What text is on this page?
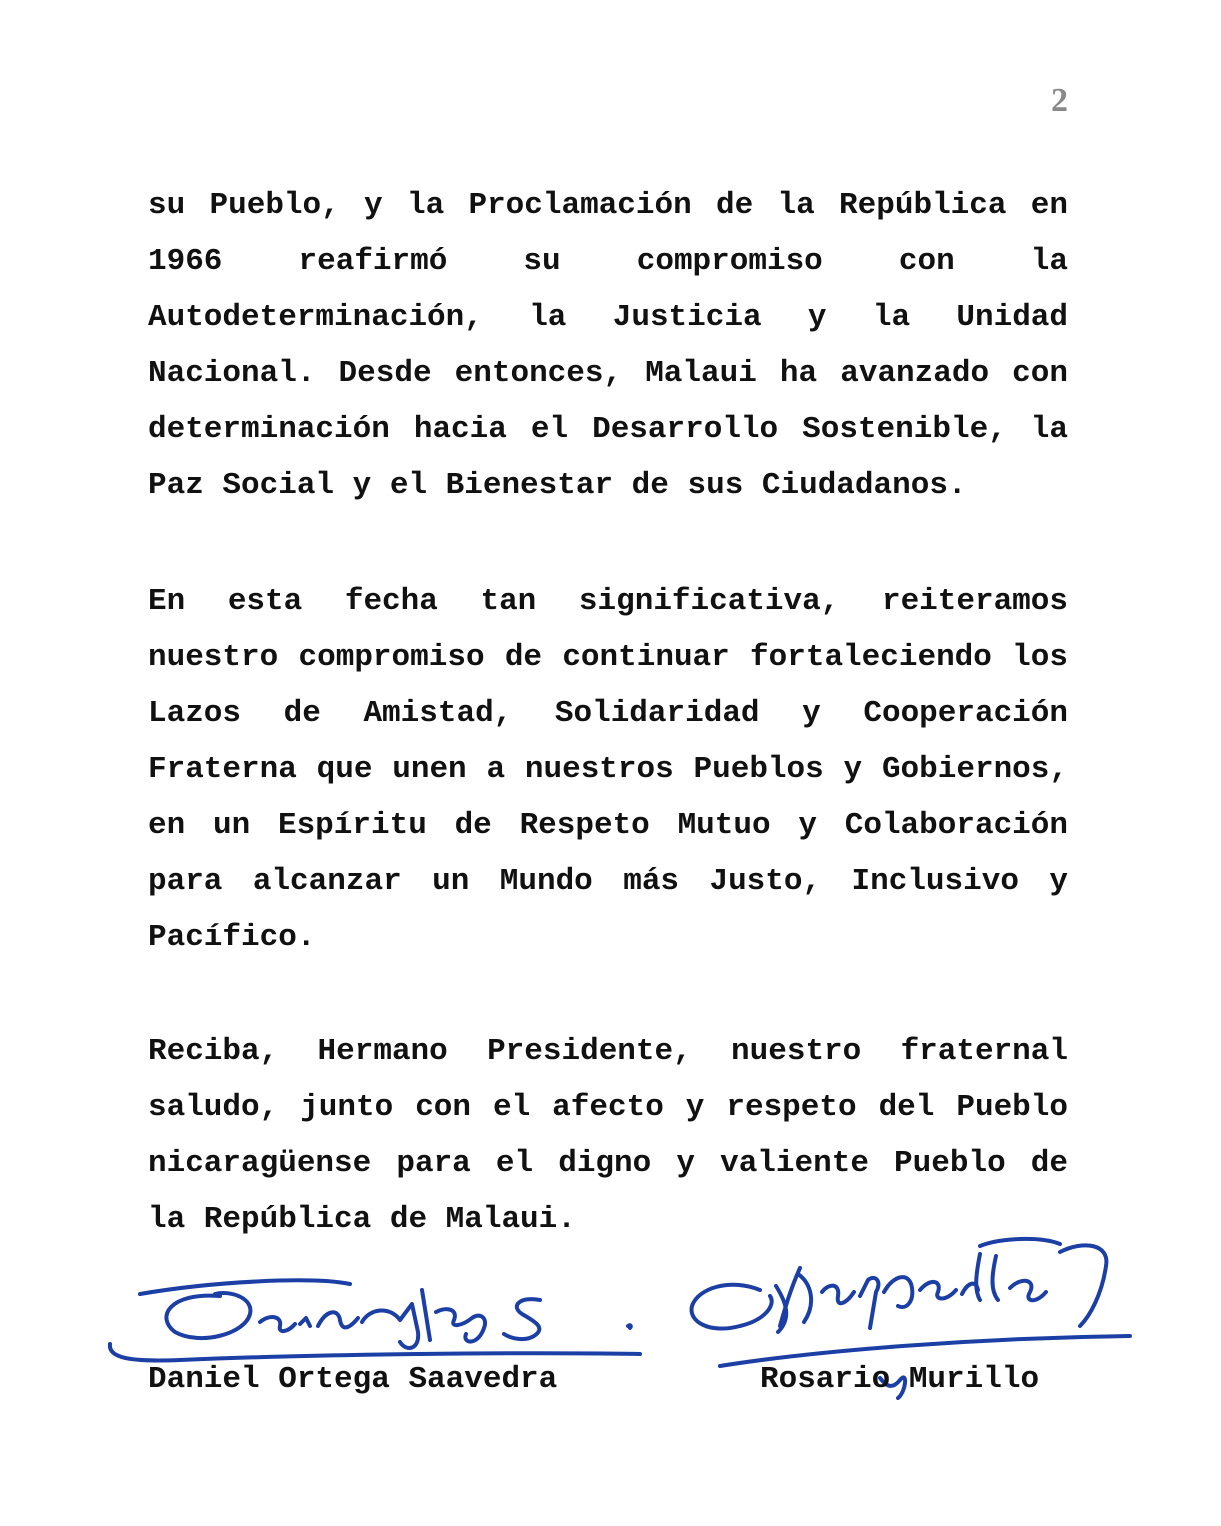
2

su Pueblo, y la Proclamación de la República en 1966 reafirmó su compromiso con la Autodeterminación, la Justicia y la Unidad Nacional. Desde entonces, Malaui ha avanzado con determinación hacia el Desarrollo Sostenible, la Paz Social y el Bienestar de sus Ciudadanos.

En esta fecha tan significativa, reiteramos nuestro compromiso de continuar fortaleciendo los Lazos de Amistad, Solidaridad y Cooperación Fraterna que unen a nuestros Pueblos y Gobiernos, en un Espíritu de Respeto Mutuo y Colaboración para alcanzar un Mundo más Justo, Inclusivo y Pacífico.

Reciba, Hermano Presidente, nuestro fraternal saludo, junto con el afecto y respeto del Pueblo nicaragüense para el digno y valiente Pueblo de la República de Malaui.

Daniel Ortega Saavedra	Rosario Murillo
